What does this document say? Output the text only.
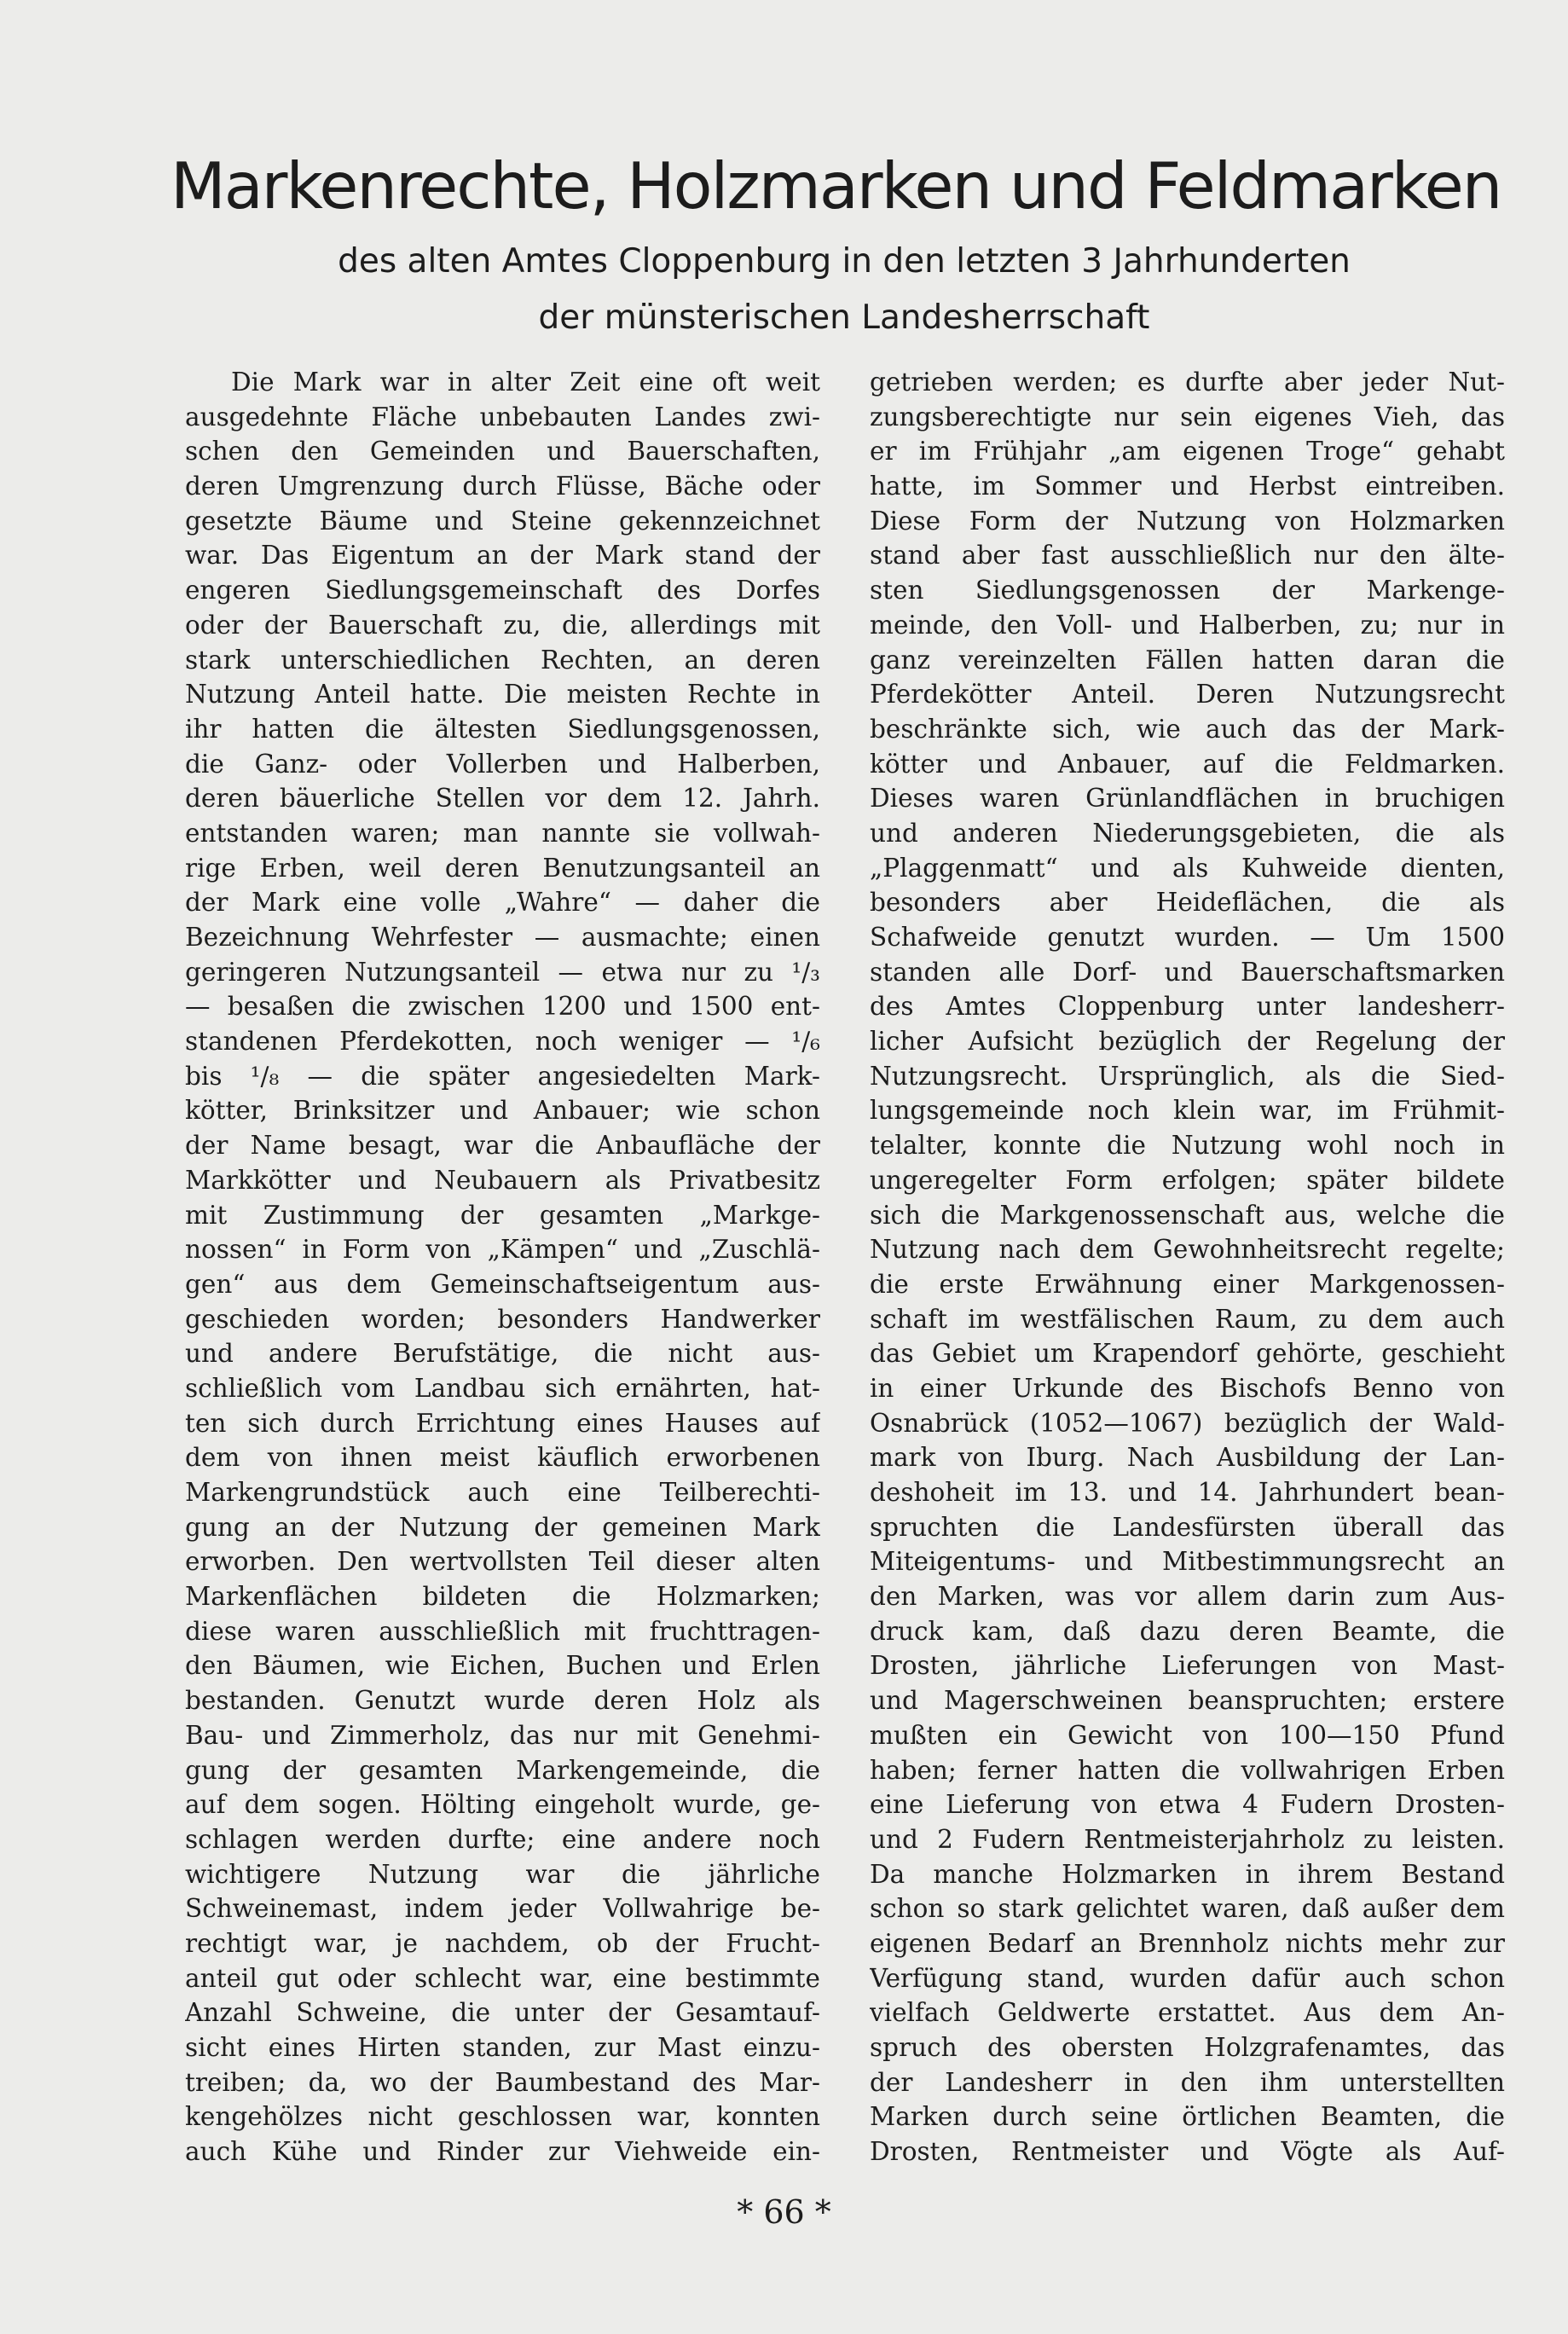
Markenrechte, Holzmarken und Feldmarken
des alten Amtes Cloppenburg in den letzten 3 Jahrhunderten
der münsterischen Landesherrschaft
Die Mark war in alter Zeit eine oft weit
ausgedehnte Fläche unbebauten Landes zwi-
schen den Gemeinden und Bauerschaften,
deren Umgrenzung durch Flüsse, Bäche oder
gesetzte Bäume und Steine gekennzeichnet
war. Das Eigentum an der Mark stand der
engeren Siedlungsgemeinschaft des Dorfes
oder der Bauerschaft zu, die, allerdings mit
stark unterschiedlichen Rechten, an deren
Nutzung Anteil hatte. Die meisten Rechte in
ihr hatten die ältesten Siedlungsgenossen,
die Ganz- oder Vollerben und Halberben,
deren bäuerliche Stellen vor dem 12. Jahrh.
entstanden waren; man nannte sie vollwah-
rige Erben, weil deren Benutzungsanteil an
der Mark eine volle „Wahre“ — daher die
Bezeichnung Wehrfester — ausmachte; einen
geringeren Nutzungsanteil — etwa nur zu ¹/₃
— besaßen die zwischen 1200 und 1500 ent-
standenen Pferdekotten, noch weniger — ¹/₆
bis ¹/₈ — die später angesiedelten Mark-
kötter, Brinksitzer und Anbauer; wie schon
der Name besagt, war die Anbaufläche der
Markkötter und Neubauern als Privatbesitz
mit Zustimmung der gesamten „Markge-
nossen“ in Form von „Kämpen“ und „Zuschlä-
gen“ aus dem Gemeinschaftseigentum aus-
geschieden worden; besonders Handwerker
und andere Berufstätige, die nicht aus-
schließlich vom Landbau sich ernährten, hat-
ten sich durch Errichtung eines Hauses auf
dem von ihnen meist käuflich erworbenen
Markengrundstück auch eine Teilberechti-
gung an der Nutzung der gemeinen Mark
erworben. Den wertvollsten Teil dieser alten
Markenflächen bildeten die Holzmarken;
diese waren ausschließlich mit fruchttragen-
den Bäumen, wie Eichen, Buchen und Erlen
bestanden. Genutzt wurde deren Holz als
Bau- und Zimmerholz, das nur mit Genehmi-
gung der gesamten Markengemeinde, die
auf dem sogen. Hölting eingeholt wurde, ge-
schlagen werden durfte; eine andere noch
wichtigere Nutzung war die jährliche
Schweinemast, indem jeder Vollwahrige be-
rechtigt war, je nachdem, ob der Frucht-
anteil gut oder schlecht war, eine bestimmte
Anzahl Schweine, die unter der Gesamtauf-
sicht eines Hirten standen, zur Mast einzu-
treiben; da, wo der Baumbestand des Mar-
kengehölzes nicht geschlossen war, konnten
auch Kühe und Rinder zur Viehweide ein-
getrieben werden; es durfte aber jeder Nut-
zungsberechtigte nur sein eigenes Vieh, das
er im Frühjahr „am eigenen Troge“ gehabt
hatte, im Sommer und Herbst eintreiben.
Diese Form der Nutzung von Holzmarken
stand aber fast ausschließlich nur den älte-
sten Siedlungsgenossen der Markenge-
meinde, den Voll- und Halberben, zu; nur in
ganz vereinzelten Fällen hatten daran die
Pferdekötter Anteil. Deren Nutzungsrecht
beschränkte sich, wie auch das der Mark-
kötter und Anbauer, auf die Feldmarken.
Dieses waren Grünlandflächen in bruchigen
und anderen Niederungsgebieten, die als
„Plaggenmatt“ und als Kuhweide dienten,
besonders aber Heideflächen, die als
Schafweide genutzt wurden. — Um 1500
standen alle Dorf- und Bauerschaftsmarken
des Amtes Cloppenburg unter landesherr-
licher Aufsicht bezüglich der Regelung der
Nutzungsrecht. Ursprünglich, als die Sied-
lungsgemeinde noch klein war, im Frühmit-
telalter, konnte die Nutzung wohl noch in
ungeregelter Form erfolgen; später bildete
sich die Markgenossenschaft aus, welche die
Nutzung nach dem Gewohnheitsrecht regelte;
die erste Erwähnung einer Markgenossen-
schaft im westfälischen Raum, zu dem auch
das Gebiet um Krapendorf gehörte, geschieht
in einer Urkunde des Bischofs Benno von
Osnabrück (1052—1067) bezüglich der Wald-
mark von Iburg. Nach Ausbildung der Lan-
deshoheit im 13. und 14. Jahrhundert bean-
spruchten die Landesfürsten überall das
Miteigentums- und Mitbestimmungsrecht an
den Marken, was vor allem darin zum Aus-
druck kam, daß dazu deren Beamte, die
Drosten, jährliche Lieferungen von Mast-
und Magerschweinen beanspruchten; erstere
mußten ein Gewicht von 100—150 Pfund
haben; ferner hatten die vollwahrigen Erben
eine Lieferung von etwa 4 Fudern Drosten-
und 2 Fudern Rentmeisterjahrholz zu leisten.
Da manche Holzmarken in ihrem Bestand
schon so stark gelichtet waren, daß außer dem
eigenen Bedarf an Brennholz nichts mehr zur
Verfügung stand, wurden dafür auch schon
vielfach Geldwerte erstattet. Aus dem An-
spruch des obersten Holzgrafenamtes, das
der Landesherr in den ihm unterstellten
Marken durch seine örtlichen Beamten, die
Drosten, Rentmeister und Vögte als Auf-
* 66 *
